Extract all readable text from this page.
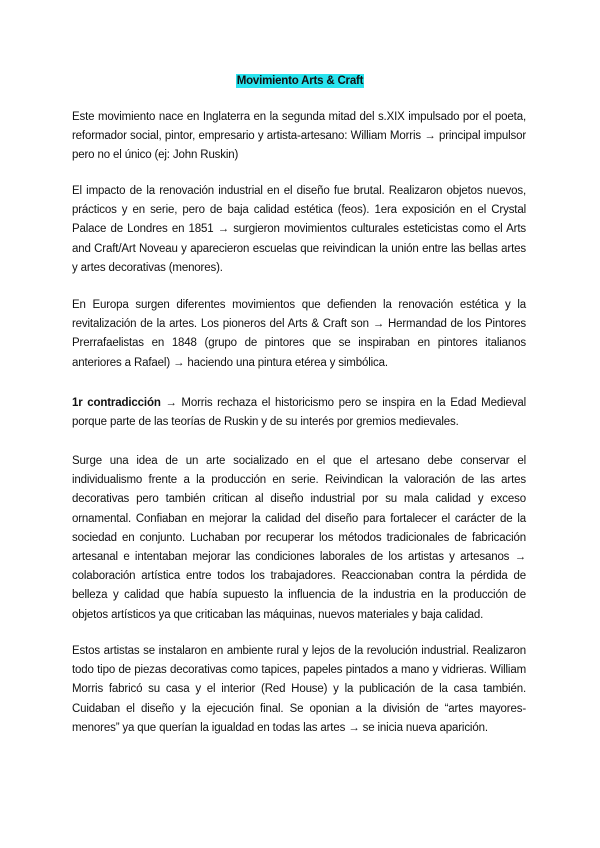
Movimiento Arts & Craft

Este movimiento nace en Inglaterra en la segunda mitad del s.XIX impulsado por el poeta, reformador social, pintor, empresario y artista-artesano: William Morris → principal impulsor pero no el único (ej: John Ruskin)

El impacto de la renovación industrial en el diseño fue brutal. Realizaron objetos nuevos, prácticos y en serie, pero de baja calidad estética (feos). 1era exposición en el Crystal Palace de Londres en 1851 → surgieron movimientos culturales esteticistas como el Arts and Craft/Art Noveau y aparecieron escuelas que reivindican la unión entre las bellas artes y artes decorativas (menores).

En Europa surgen diferentes movimientos que defienden la renovación estética y la revitalización de la artes. Los pioneros del Arts & Craft son → Hermandad de los Pintores Prerrafaelistas en 1848 (grupo de pintores que se inspiraban en pintores italianos anteriores a Rafael) → haciendo una pintura etérea y simbólica.

1r contradicción → Morris rechaza el historicismo pero se inspira en la Edad Medieval porque parte de las teorías de Ruskin y de su interés por gremios medievales.

Surge una idea de un arte socializado en el que el artesano debe conservar el individualismo frente a la producción en serie. Reivindican la valoración de las artes decorativas pero también critican al diseño industrial por su mala calidad y exceso ornamental. Confiaban en mejorar la calidad del diseño para fortalecer el carácter de la sociedad en conjunto. Luchaban por recuperar los métodos tradicionales de fabricación artesanal e intentaban mejorar las condiciones laborales de los artistas y artesanos → colaboración artística entre todos los trabajadores. Reaccionaban contra la pérdida de belleza y calidad que había supuesto la influencia de la industria en la producción de objetos artísticos ya que criticaban las máquinas, nuevos materiales y baja calidad.

Estos artistas se instalaron en ambiente rural y lejos de la revolución industrial. Realizaron todo tipo de piezas decorativas como tapices, papeles pintados a mano y vidrieras. William Morris fabricó su casa y el interior (Red House) y la publicación de la casa también. Cuidaban el diseño y la ejecución final. Se oponian a la división de “artes mayores-menores” ya que querían la igualdad en todas las artes → se inicia nueva aparición.
